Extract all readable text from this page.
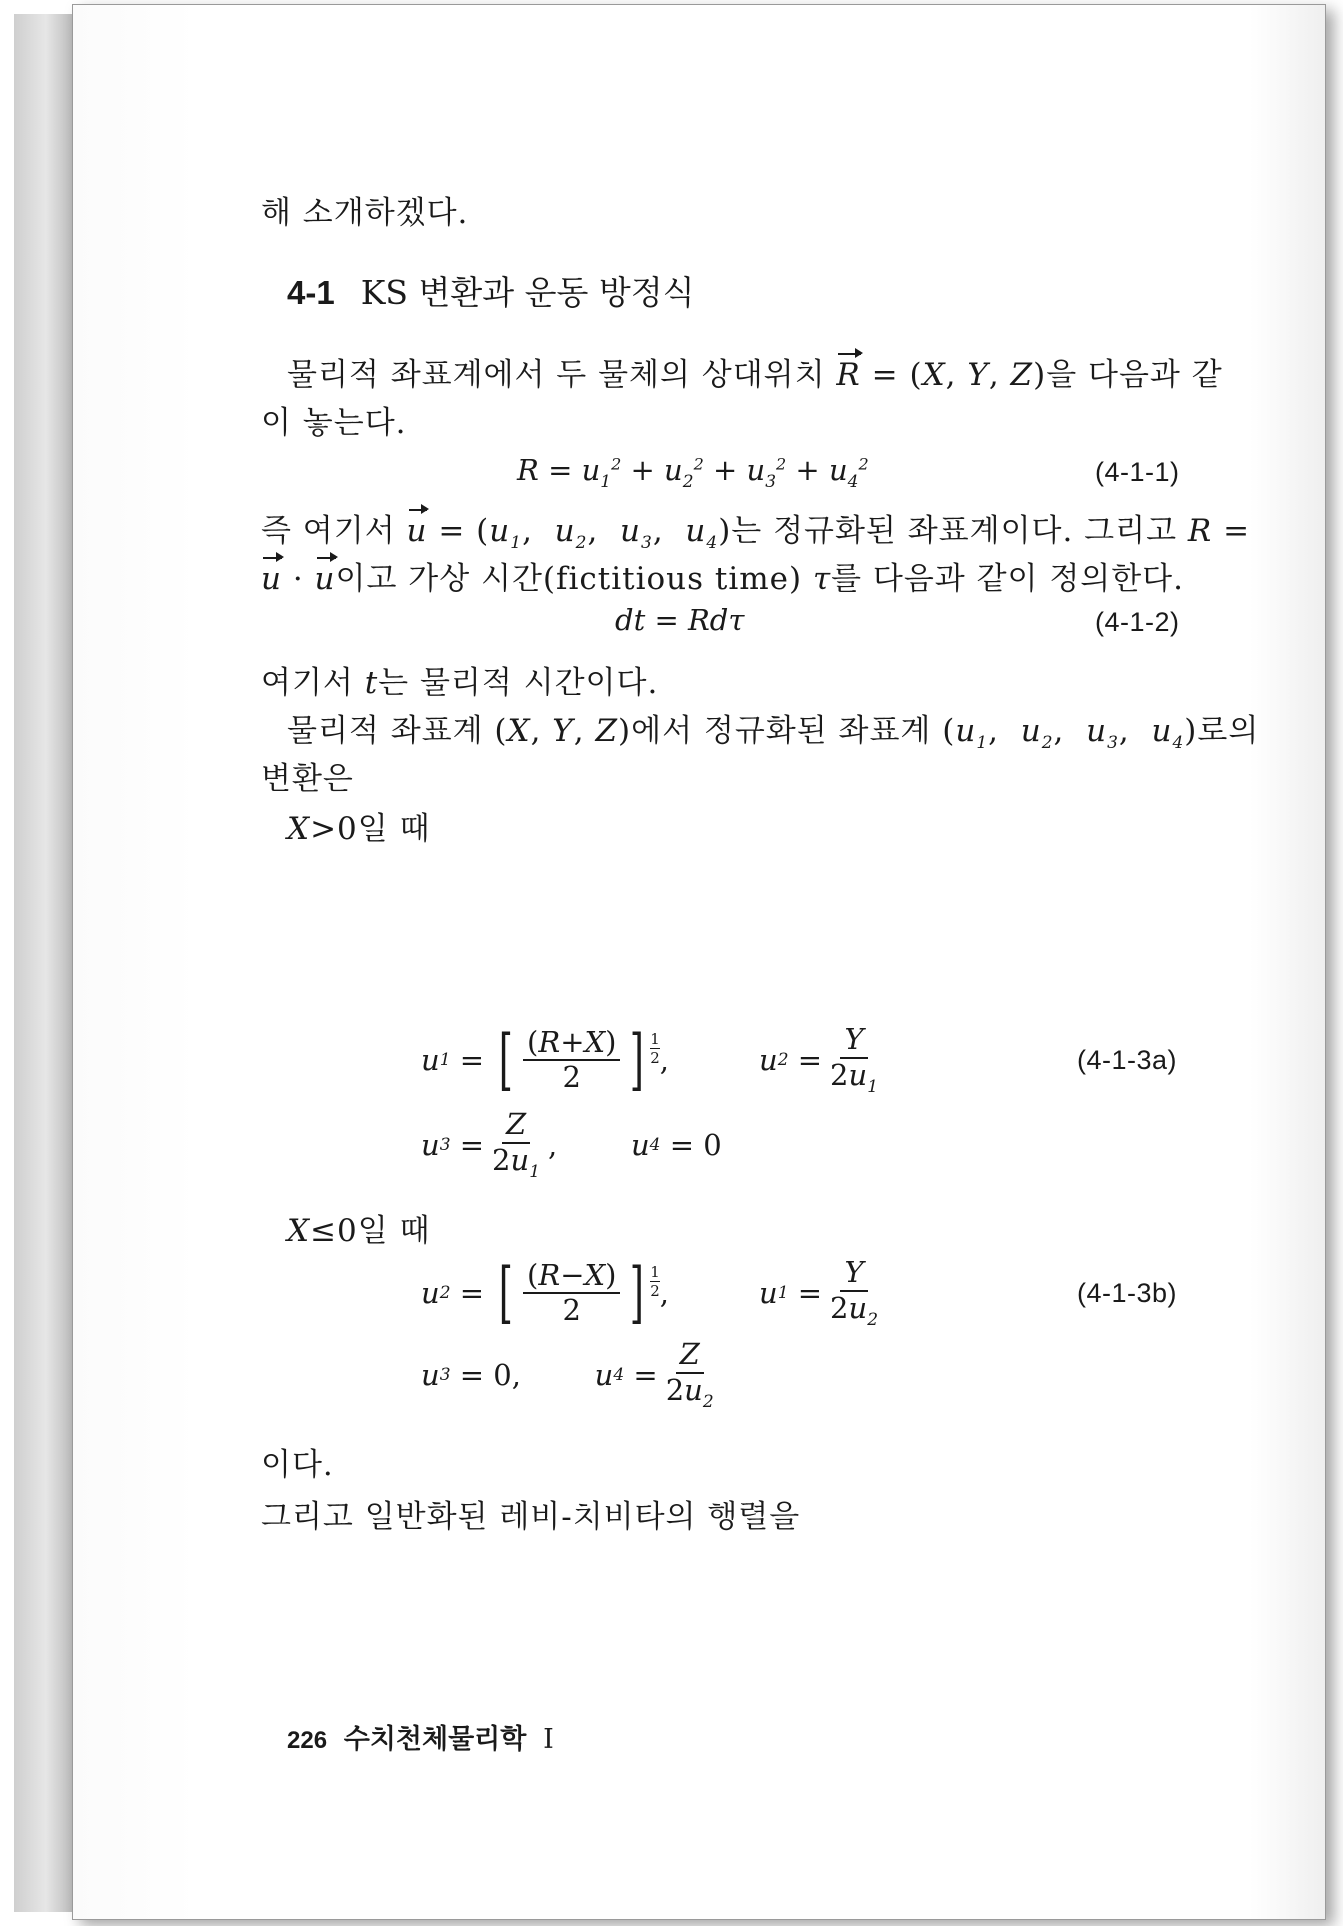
해 소개하겠다.
4-1 KS 변환과 운동 방정식
물리적 좌표계에서 두 물체의 상대위치 R = (X, Y, Z)을 다음과 같
이 놓는다.
$R = u_1^2 + u_2^2 + u_3^2 + u_4^2$	(4-1-1)
즉 여기서 $u = (u_1$,  $u_2$,  $u_3$,  $u_4$)는 정규화된 좌표계이다. 그리고 R =
u · u이고 가상 시간(fictitious time) τ를 다음과 같이 정의한다.
dt = Rdτ	(4-1-2)
여기서 t는 물리적 시간이다.
물리적 좌표계 (X, Y, Z)에서 정규화된 좌표계 ($u_1$,  $u_2$,  $u_3$,  $u_4$)로의
변환은
X>0일 때
u 1
=
[ $\frac{(R+X)}{2}$ ] 1
2 ,	u 2
= $\frac{Y}{2u_1}$	(4-1-3a)
u 3
= $\frac{Z}{2u_1}$ , u 4
= 0
X≤0일 때
u 2
=
[ $\frac{(R-X)}{2}$ ] 1
2 ,	u 1
= $\frac{Y}{2u_2}$	(4-1-3b)
u 3
= 0, u 4
= $\frac{Z}{2u_2}$
이다.
그리고 일반화된 레비-치비타의 행렬을
226 수치천체물리학 I
